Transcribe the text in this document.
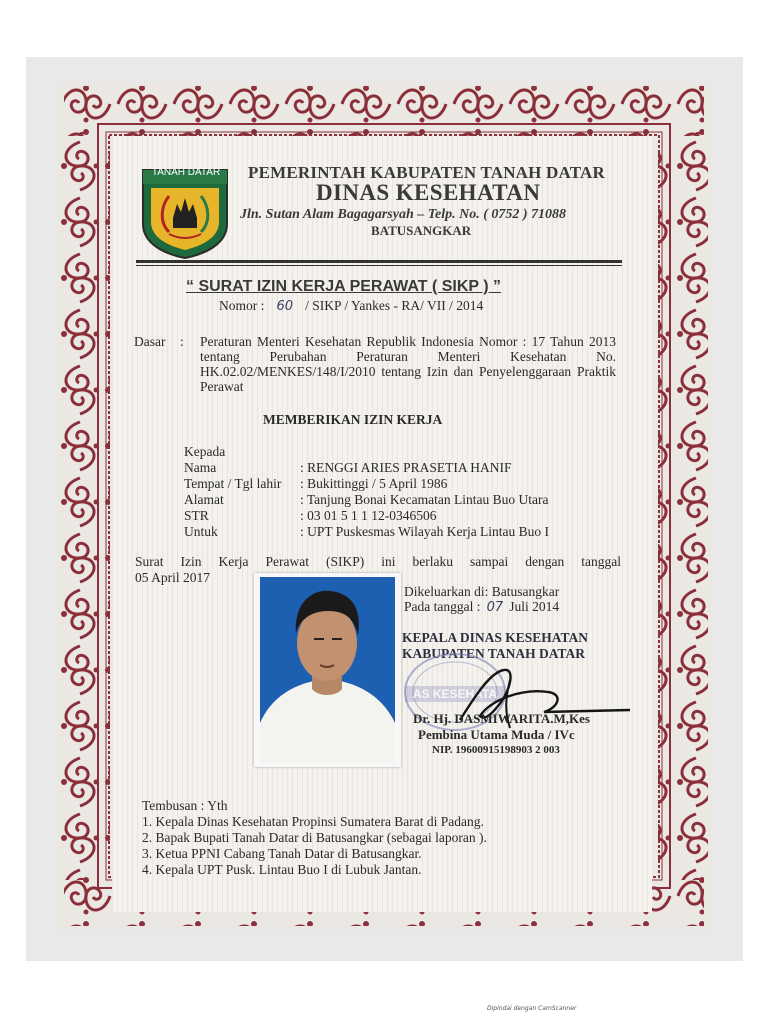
TANAH DATAR PEMERINTAH KABUPATEN TANAH DATAR
DINAS KESEHATAN
Jln. Sutan Alam Bagagarsyah – Telp. No. ( 0752 ) 71088
BATUSANGKAR
“ SURAT IZIN KERJA PERAWAT ( SIKP ) ”
Nomor : 60 / SIKP / Yankes - RA/ VII / 2014
Dasar : Peraturan Menteri Kesehatan Republik Indonesia Nomor : 17 Tahun 2013 tentang Perubahan Peraturan Menteri Kesehatan No. HK.02.02/MENKES/148/I/2010 tentang Izin dan Penyelenggaraan Praktik Perawat
MEMBERIKAN IZIN KERJA
Kepada
Nama	: RENGGI ARIES PRASETIA HANIF
Tempat / Tgl lahir : Bukittinggi / 5 April 1986
Alamat	: Tanjung Bonai Kecamatan Lintau Buo Utara
STR	: 03 01 5 1 1 12-0346506
Untuk	: UPT Puskesmas Wilayah Kerja Lintau Buo I
Surat Izin Kerja Perawat (SIKP) ini berlaku sampai dengan tanggal
05 April 2017
Dikeluarkan di: Batusangkar
Pada tanggal : 07 Juli 2014
KEPALA DINAS KESEHATAN
KABUPATEN TANAH DATAR
AS KESEHATA
Dr. Hj. DASMIWARITA.M,Kes
Pembina Utama Muda / IVc
NIP. 19600915198903 2 003
Tembusan : Yth
1. Kepala Dinas Kesehatan Propinsi Sumatera Barat di Padang.
2. Bapak Bupati Tanah Datar di Batusangkar (sebagai laporan ).
3. Ketua PPNI Cabang Tanah Datar di Batusangkar.
4. Kepala UPT Pusk. Lintau Buo I di Lubuk Jantan.
Dipindai dengan CamScanner
